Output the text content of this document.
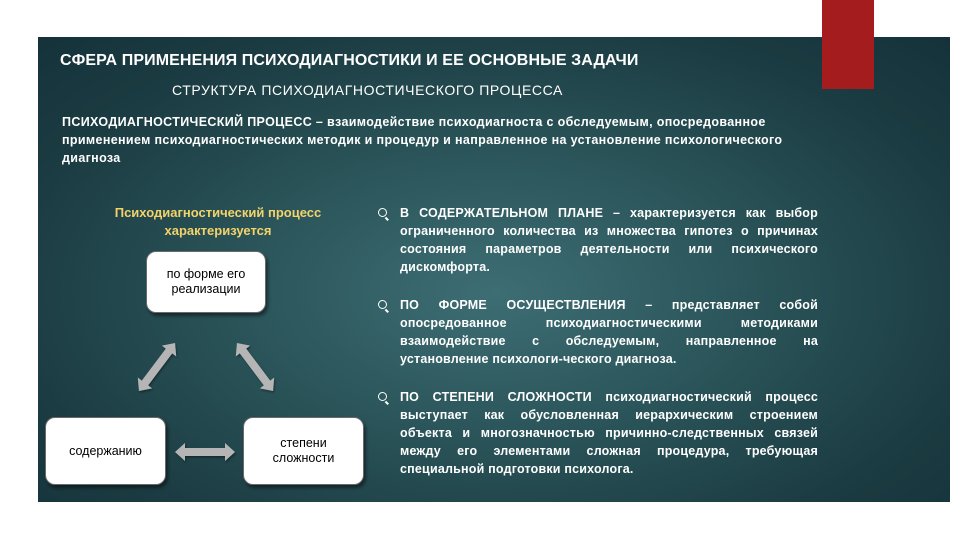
СФЕРА ПРИМЕНЕНИЯ ПСИХОДИАГНОСТИКИ И ЕЕ ОСНОВНЫЕ ЗАДАЧИ
СТРУКТУРА ПСИХОДИАГНОСТИЧЕСКОГО ПРОЦЕССА
ПСИХОДИАГНОСТИЧЕСКИЙ ПРОЦЕСС – взаимодействие психодиагноста с обследуемым, опосредованное применением психодиагностических методик и процедур и направленное на установление психологического диагноза
Психодиагностический процесс характеризуется
по форме его реализации
содержанию
степени сложности
В СОДЕРЖАТЕЛЬНОМ ПЛАНЕ – характеризуется как выбор ограниченного количества из множества гипотез о причинах состояния параметров деятельности или психического дискомфорта.
ПО ФОРМЕ ОСУЩЕСТВЛЕНИЯ – представляет собой опосредованное психодиагностическими методиками взаимодействие с обследуемым, направленное на установление психологи-ческого диагноза.
ПО СТЕПЕНИ СЛОЖНОСТИ психодиагностический процесс выступает как обусловленная иерархическим строением объекта и многозначностью причинно-следственных связей между его элементами сложная процедура, требующая специальной подготовки психолога.
